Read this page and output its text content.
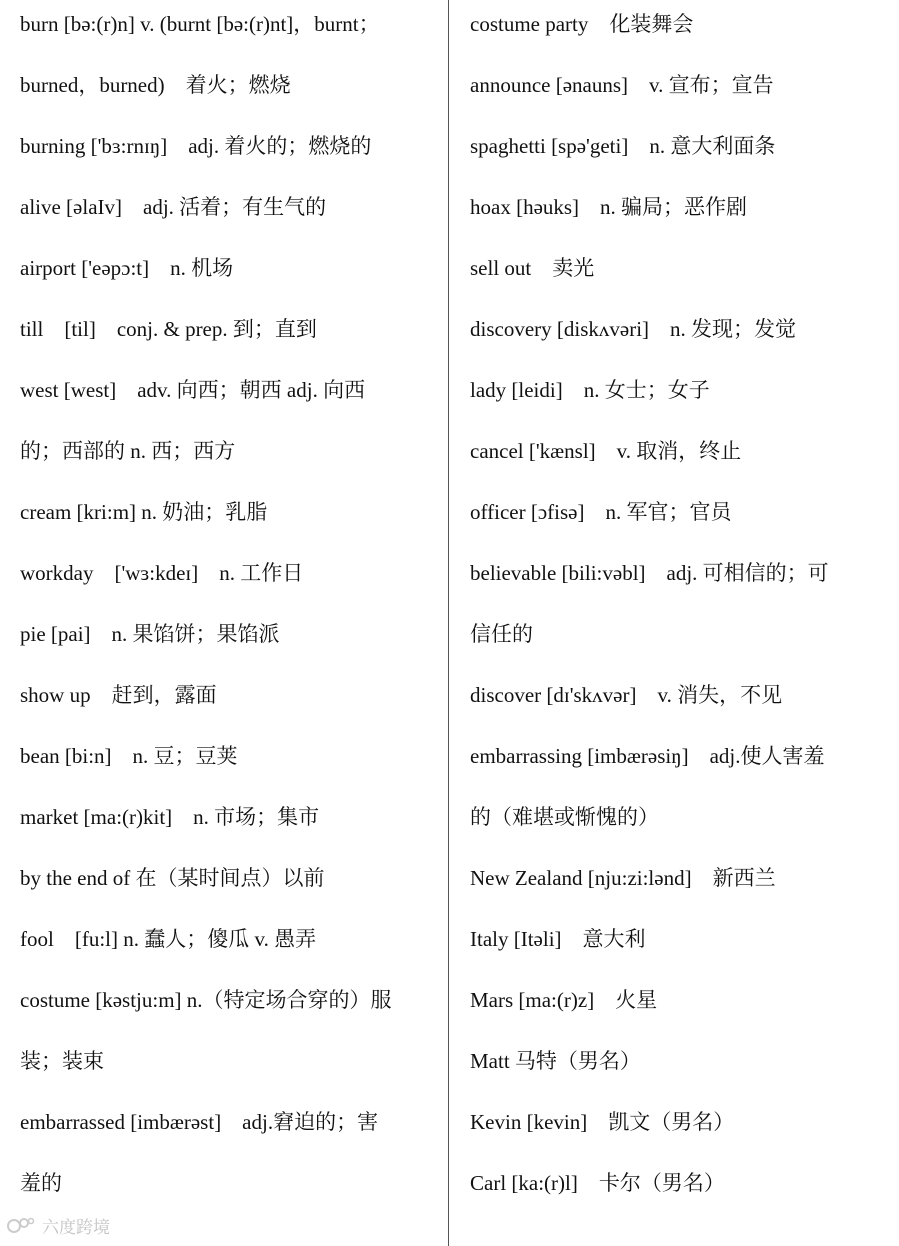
burn [bə:(r)n] v. (burnt [bə:(r)nt]，burnt；
burned，burned)　着火；燃烧
burning ['bɜ:rnɪŋ]　adj. 着火的；燃烧的
alive [əlaIv]　adj. 活着；有生气的
airport ['eəpɔ:t]　n. 机场
till　[til]　conj. & prep. 到；直到
west [west]　adv. 向西；朝西 adj. 向西
的；西部的 n. 西；西方
cream [kri:m] n. 奶油；乳脂
workday　['wɜ:kdeɪ]　n. 工作日
pie [pai]　n. 果馅饼；果馅派
show up　赶到，露面
bean [bi:n]　n. 豆；豆荚
market [ma:(r)kit]　n. 市场；集市
by the end of 在（某时间点）以前
fool　[fu:l] n. 蠢人；傻瓜 v. 愚弄
costume [kəstju:m] n.（特定场合穿的）服
装；装束
embarrassed [imbærəst]　adj.窘迫的；害
羞的
costume party　化装舞会
announce [ənauns]　v. 宣布；宣告
spaghetti [spə'geti]　n. 意大利面条
hoax [həuks]　n. 骗局；恶作剧
sell out　卖光
discovery [diskʌvəri]　n. 发现；发觉
lady [leidi]　n. 女士；女子
cancel ['kænsl]　v. 取消，终止
officer [ɔfisə]　n. 军官；官员
believable [bili:vəbl]　adj. 可相信的；可
信任的
discover [dɪ'skʌvər]　v. 消失，不见
embarrassing [imbærəsiŋ]　adj.使人害羞
的（难堪或惭愧的）
New Zealand [nju:zi:lənd]　新西兰
Italy [Itəli]　意大利
Mars [ma:(r)z]　火星
Matt 马特（男名）
Kevin [kevin]　凯文（男名）
Carl [ka:(r)l]　卡尔（男名）
六度跨境
